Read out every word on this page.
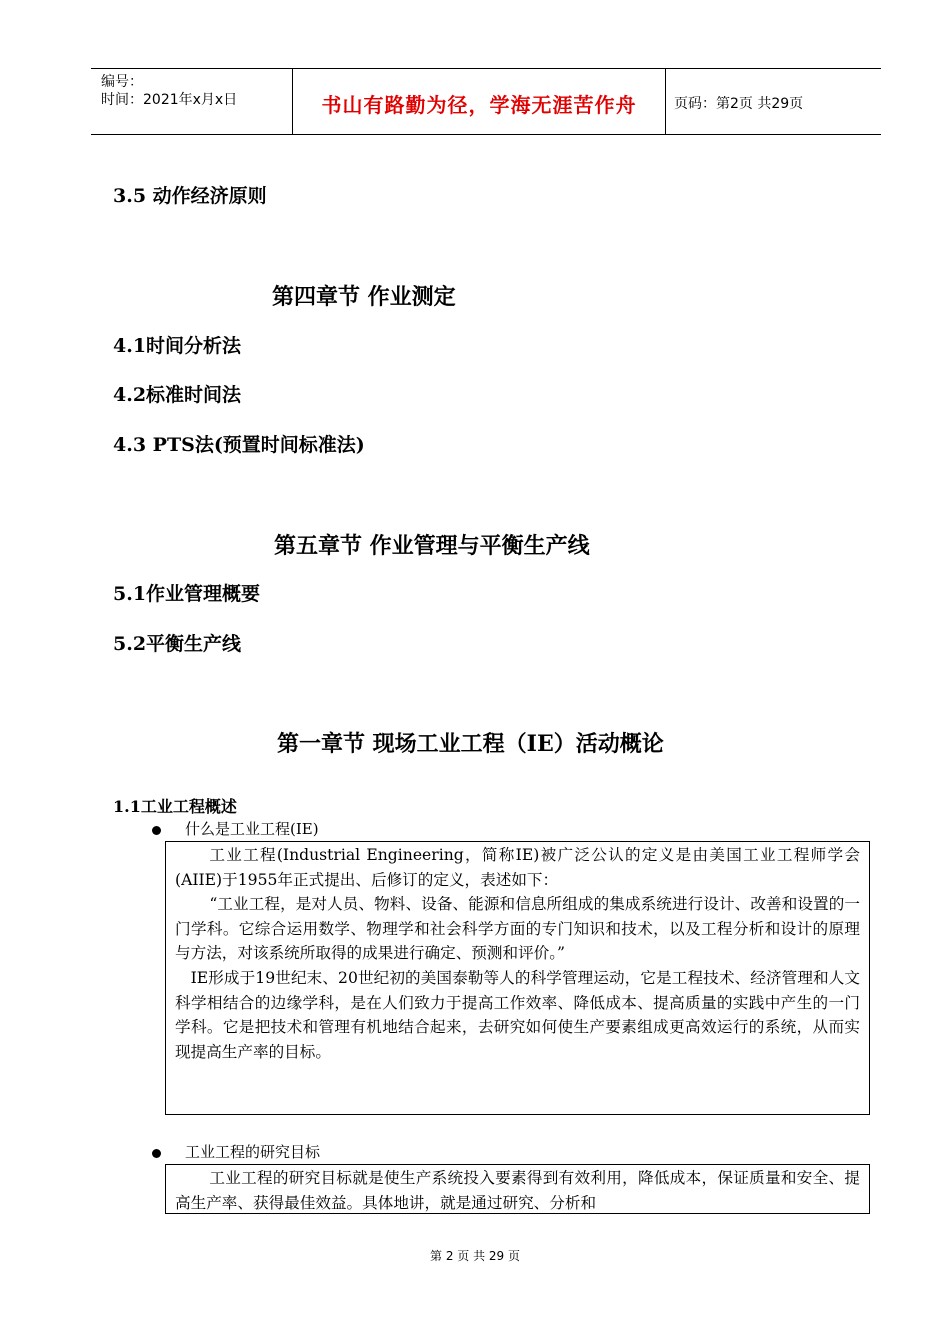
编号：
时间：2021年x月x日	书山有路勤为径，学海无涯苦作舟	页码：第2页 共29页
3.5 动作经济原则
第四章节 作业测定
4.1时间分析法
4.2标准时间法
4.3 PTS法(预置时间标准法)
第五章节 作业管理与平衡生产线
5.1作业管理概要
5.2平衡生产线
第一章节 现场工业工程（IE）活动概论
1.1工业工程概述
什么是工业工程(IE)

工业工程(Industrial Engineering，简称IE)被广泛公认的定义是由美国工业工程师学会(AIIE)于1955年正式提出、后修订的定义，表述如下：

“工业工程，是对人员、物料、设备、能源和信息所组成的集成系统进行设计、改善和设置的一门学科。它综合运用数学、物理学和社会科学方面的专门知识和技术，以及工程分析和设计的原理与方法，对该系统所取得的成果进行确定、预测和评价。”

IE形成于19世纪末、20世纪初的美国泰勒等人的科学管理运动，它是工程技术、经济管理和人文科学相结合的边缘学科，是在人们致力于提高工作效率、降低成本、提高质量的实践中产生的一门学科。它是把技术和管理有机地结合起来，去研究如何使生产要素组成更高效运行的系统，从而实现提高生产率的目标。

工业工程的研究目标

工业工程的研究目标就是使生产系统投入要素得到有效利用，降低成本，保证质量和安全、提高生产率、获得最佳效益。具体地讲，就是通过研究、分析和

第 2 页 共 29 页
